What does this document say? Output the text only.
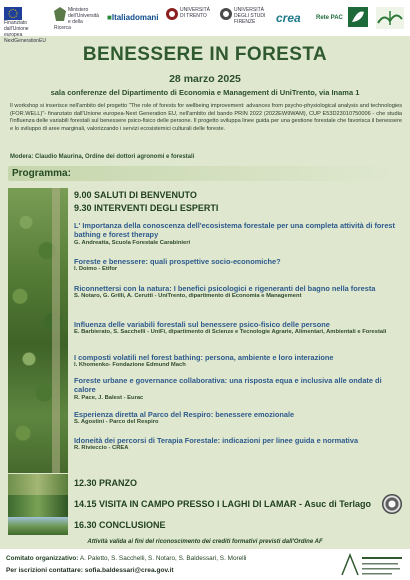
Finanziato dall'Unione europea NextGenerationEU
Ministero dell'Università e della Ricerca
■Italiadomani
UNIVERSITÀ DI TRENTO
UNIVERSITÀ DEGLI STUDI FIRENZE	crea	Rete PAC
BENESSERE IN FORESTA
28 marzo 2025
sala conferenze del Dipartimento di Economia e Management di UniTrento, via Inama 1
Il workshop si inserisce nell'ambito del progetto "The role of forests for wellbeing improvement: advances from psycho-physiological analysis and technologies (FOR.WELL)"- finanziato dall'Unione europea-Next Generation EU, nell'ambito del bando PRIN 2022 (2022EW9WAM), CUP E53D23010750006 - che studia l'influenza delle variabili forestali sul benessere psico-fisico delle persone. Il progetto sviluppa linee guida per una gestione forestale che favorisca il benessere e lo sviluppo di aree marginali, valorizzando i servizi ecosistemici culturali delle foreste.
Modera: Claudio Maurina, Ordine dei dottori agronomi e forestali
Programma:
9.00 SALUTI DI BENVENUTO
9.30 INTERVENTI DEGLI ESPERTI
L' Importanza della conoscenza dell'ecosistema forestale per una completa attività di forest bathing e forest therapy
G. Andreatta, Scuola Forestale Carabinieri
Foreste e benessere: quali prospettive socio-economiche?
I. Doimo - Etifor
Riconnettersi con la natura: I benefici psicologici e rigeneranti del bagno nella foresta
S. Notaro, G. Grilli, A. Cerutti - UniTrento, dipartimento di Economia e Management
Influenza delle variabili forestali sul benessere psico-fisico delle persone
E. Barbierato, S. Sacchelli - UniFi, dipartimento di Scienze e Tecnologie Agrarie, Alimentari, Ambientali e Forestali
I composti volatili nel forest bathing: persona, ambiente e loro interazione
I. Khomenko- Fondazione Edmund Mach
Foreste urbane e governance collaborativa: una risposta equa e inclusiva alle ondate di calore
R. Pace, J. Balest - Eurac
Esperienza diretta al Parco del Respiro: benessere emozionale
S. Agostini - Parco del Respiro
Idoneità dei percorsi di Terapia Forestale: indicazioni per linee guida e normativa
R. Rivieccio - CREA
12.30 PRANZO
14.15 VISITA IN CAMPO PRESSO I LAGHI DI LAMAR - Asuc di Terlago
16.30 CONCLUSIONE
Attività valida ai fini del riconoscimento dei crediti formativi previsti dall'Ordine AF
Comitato organizzativo: A. Paletto, S. Sacchelli, S. Notaro, S. Baldessari, S. Morelli
Per iscrizioni contattare: sofia.baldessari@crea.gov.it
